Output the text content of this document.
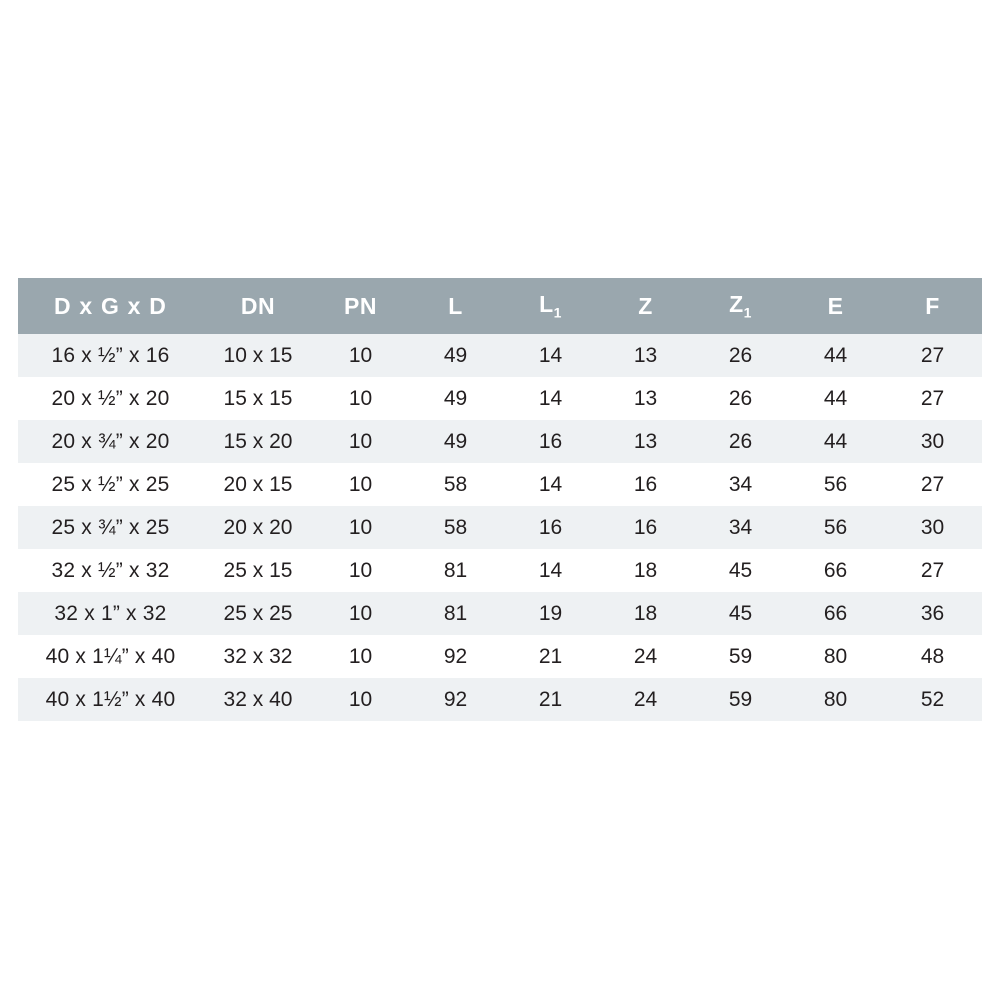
D x G x D	DN	PN	L	$L_1$	Z	$Z_1$	E	F
16 x ½” x 16	10 x 15	10	49	14	13	26	44	27
20 x ½” x 20	15 x 15	10	49	14	13	26	44	27
20 x ¾” x 20	15 x 20	10	49	16	13	26	44	30
25 x ½” x 25	20 x 15	10	58	14	16	34	56	27
25 x ¾” x 25	20 x 20	10	58	16	16	34	56	30
32 x ½” x 32	25 x 15	10	81	14	18	45	66	27
32 x 1” x 32	25 x 25	10	81	19	18	45	66	36
40 x 1¼” x 40	32 x 32	10	92	21	24	59	80	48
40 x 1½” x 40	32 x 40	10	92	21	24	59	80	52
